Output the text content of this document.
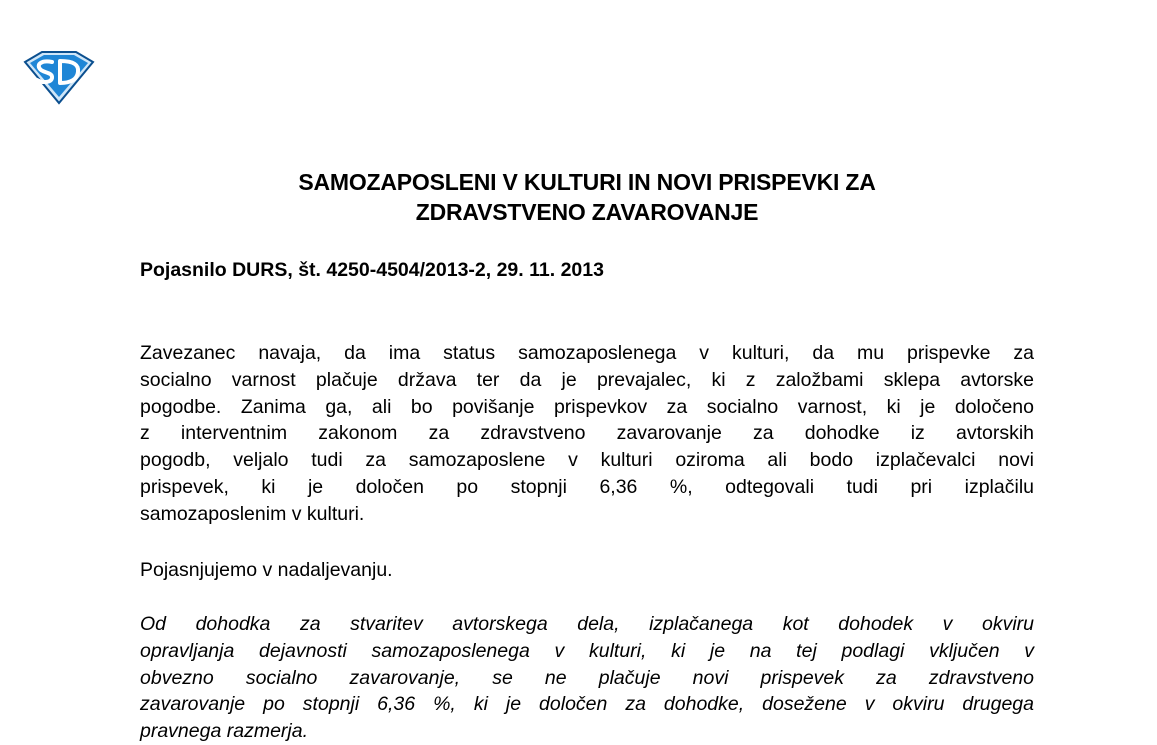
SAMOZAPOSLENI V KULTURI IN NOVI PRISPEVKI ZA
ZDRAVSTVENO ZAVAROVANJE
Pojasnilo DURS, št. 4250-4504/2013-2, 29. 11. 2013
Zavezanec navaja, da ima status samozaposlenega v kulturi, da mu prispevke za
socialno varnost plačuje država ter da je prevajalec, ki z založbami sklepa avtorske
pogodbe. Zanima ga, ali bo povišanje prispevkov za socialno varnost, ki je določeno
z interventnim zakonom za zdravstveno zavarovanje za dohodke iz avtorskih
pogodb, veljalo tudi za samozaposlene v kulturi oziroma ali bodo izplačevalci novi
prispevek, ki je določen po stopnji 6,36 %, odtegovali tudi pri izplačilu
samozaposlenim v kulturi.
Pojasnjujemo v nadaljevanju.
Od dohodka za stvaritev avtorskega dela, izplačanega kot dohodek v okviru
opravljanja dejavnosti samozaposlenega v kulturi, ki je na tej podlagi vključen v
obvezno socialno zavarovanje, se ne plačuje novi prispevek za zdravstveno
zavarovanje po stopnji 6,36 %, ki je določen za dohodke, dosežene v okviru drugega
pravnega razmerja.
